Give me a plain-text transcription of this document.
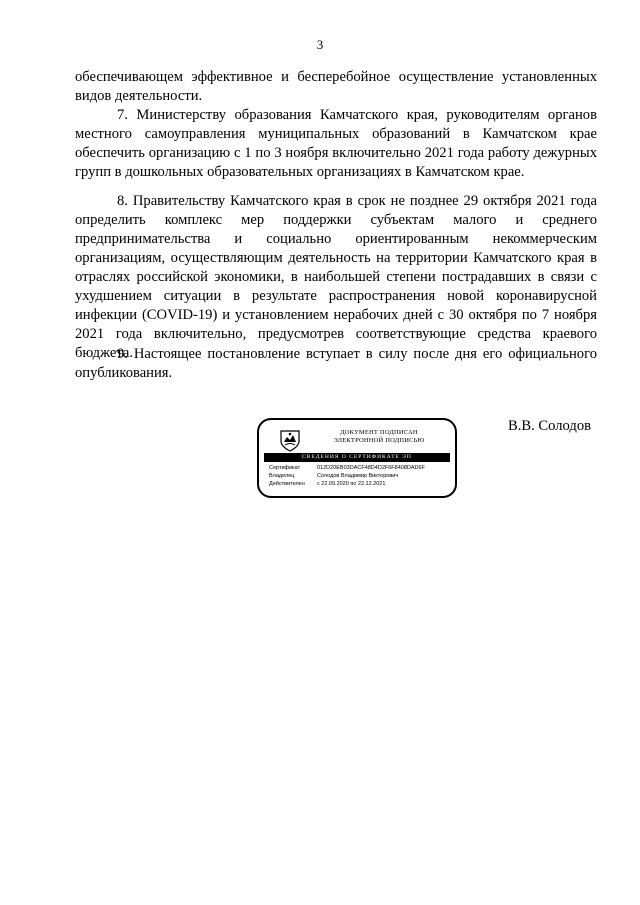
3

обеспечивающем эффективное и бесперебойное осуществление установленных видов деятельности.

7. Министерству образования Камчатского края, руководителям органов местного самоуправления муниципальных образований в Камчатском крае обеспечить организацию с 1 по 3 ноября включительно 2021 года работу дежурных групп в дошкольных образовательных организациях в Камчатском крае.

8. Правительству Камчатского края в срок не позднее 29 октября 2021 года определить комплекс мер поддержки субъектам малого и среднего предпринимательства и социально ориентированным некоммерческим организациям, осуществляющим деятельность на территории Камчатского края в отраслях российской экономики, в наибольшей степени пострадавших в связи с ухудшением ситуации в результате распространения новой коронавирусной инфекции (COVID-19) и установлением нерабочих дней с 30 октября по 7 ноября 2021 года включительно, предусмотрев соответствующие средства краевого бюджета.

9. Настоящее постановление вступает в силу после дня его официального опубликования.

ДОКУМЕНТ ПОДПИСАН
ЭЛЕКТРОННОЙ ПОДПИСЬЮ
СВЕДЕНИЯ О СЕРТИФИКАТЕ ЭП
Сертификат	012D20EB03DACF48D4D2F6F8408DAD6F
Владелец	Солодов Владимир Викторович
Действителен с 22.09.2020 по 22.12.2021
В.В. Солодов
